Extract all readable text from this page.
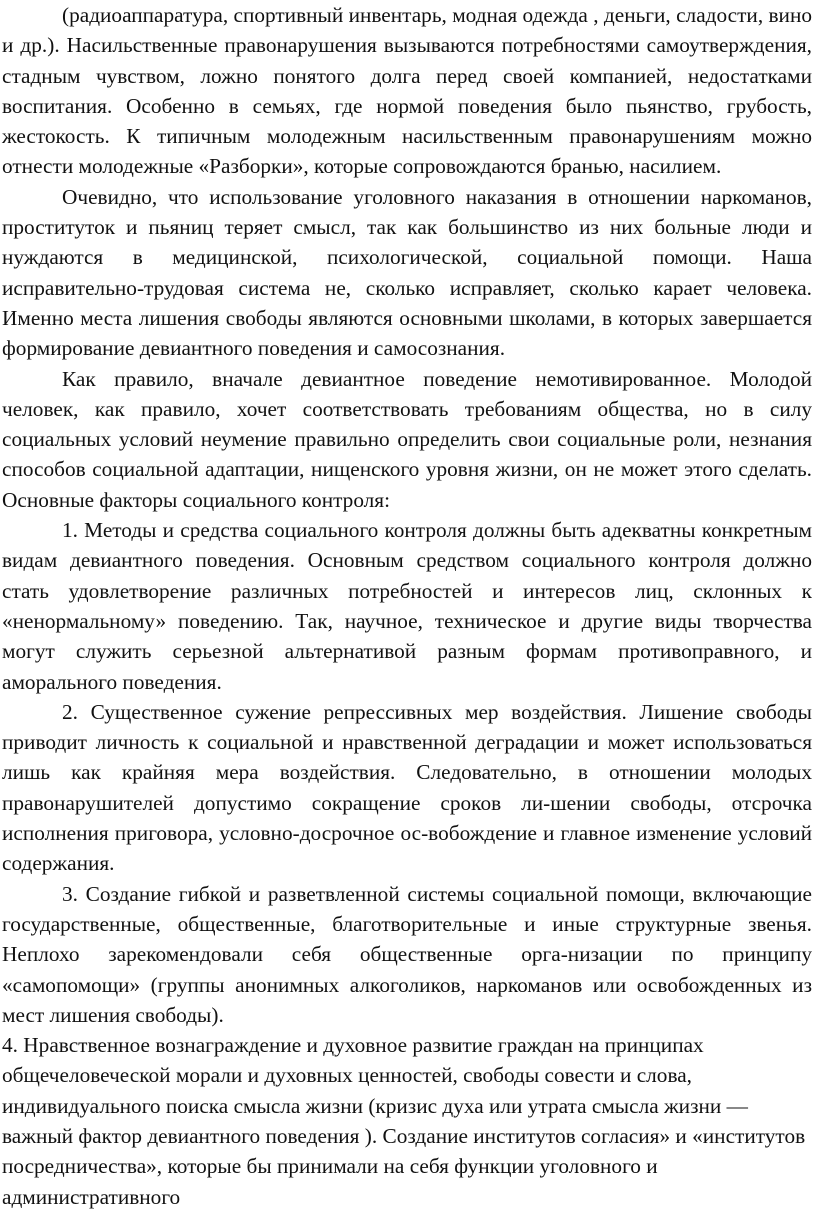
(радиоаппаратура, спортивный инвентарь, модная одежда , деньги, сладости, вино и др.). Насильственные правонарушения вызываются потребностями самоутверждения, стадным чувством, ложно понятого долга перед своей компанией, недостатками воспитания. Особенно в семьях, где нормой поведения было пьянство, грубость, жестокость. К типичным молодежным насильственным правонарушениям можно отнести молодежные «Разборки», которые сопровождаются бранью, насилием.

Очевидно, что использование уголовного наказания в отношении наркоманов, проституток и пьяниц теряет смысл, так как большинство из них больные люди и нуждаются в медицинской, психологической, социальной помощи. Наша исправительно-трудовая система не, сколько исправляет, сколько карает человека. Именно места лишения свободы являются основными школами, в которых завершается формирование девиантного поведения и самосознания.

Как правило, вначале девиантное поведение немотивированное. Молодой человек, как правило, хочет соответствовать требованиям общества, но в силу социальных условий неумение правильно определить свои социальные роли, незнания способов социальной адаптации, нищенского уровня жизни, он не может этого сделать. Основные факторы социального контроля:

1. Методы и средства социального контроля должны быть адекватны конкретным видам девиантного поведения. Основным средством социального контроля должно стать удовлетворение различных потребностей и интересов лиц, склонных к «ненормальному» поведению. Так, научное, техническое и другие виды творчества могут служить серьезной альтернативой разным формам противоправного, и аморального поведения.

2. Существенное сужение репрессивных мер воздействия. Лишение свободы приводит личность к социальной и нравственной деградации и может использоваться лишь как крайняя мера воздействия. Следовательно, в отношении молодых правонарушителей допустимо сокращение сроков ли-шении свободы, отсрочка исполнения приговора, условно-досрочное ос-вобождение и главное изменение условий содержания.

3. Создание гибкой и разветвленной системы социальной помощи, включающие государственные, общественные, благотворительные и иные структурные звенья. Неплохо зарекомендовали себя общественные орга-низации по принципу «самопомощи» (группы анонимных алкоголиков, наркоманов или освобожденных из мест лишения свободы).

4. Нравственное вознаграждение и духовное развитие граждан на принципах общечеловеческой морали и духовных ценностей, свободы совести и слова, индивидуального поиска смысла жизни (кризис духа или утрата смысла жизни — важный фактор девиантного поведения ). Создание институтов согласия» и «институтов посредничества», которые бы принимали на себя функции уголовного и административного
